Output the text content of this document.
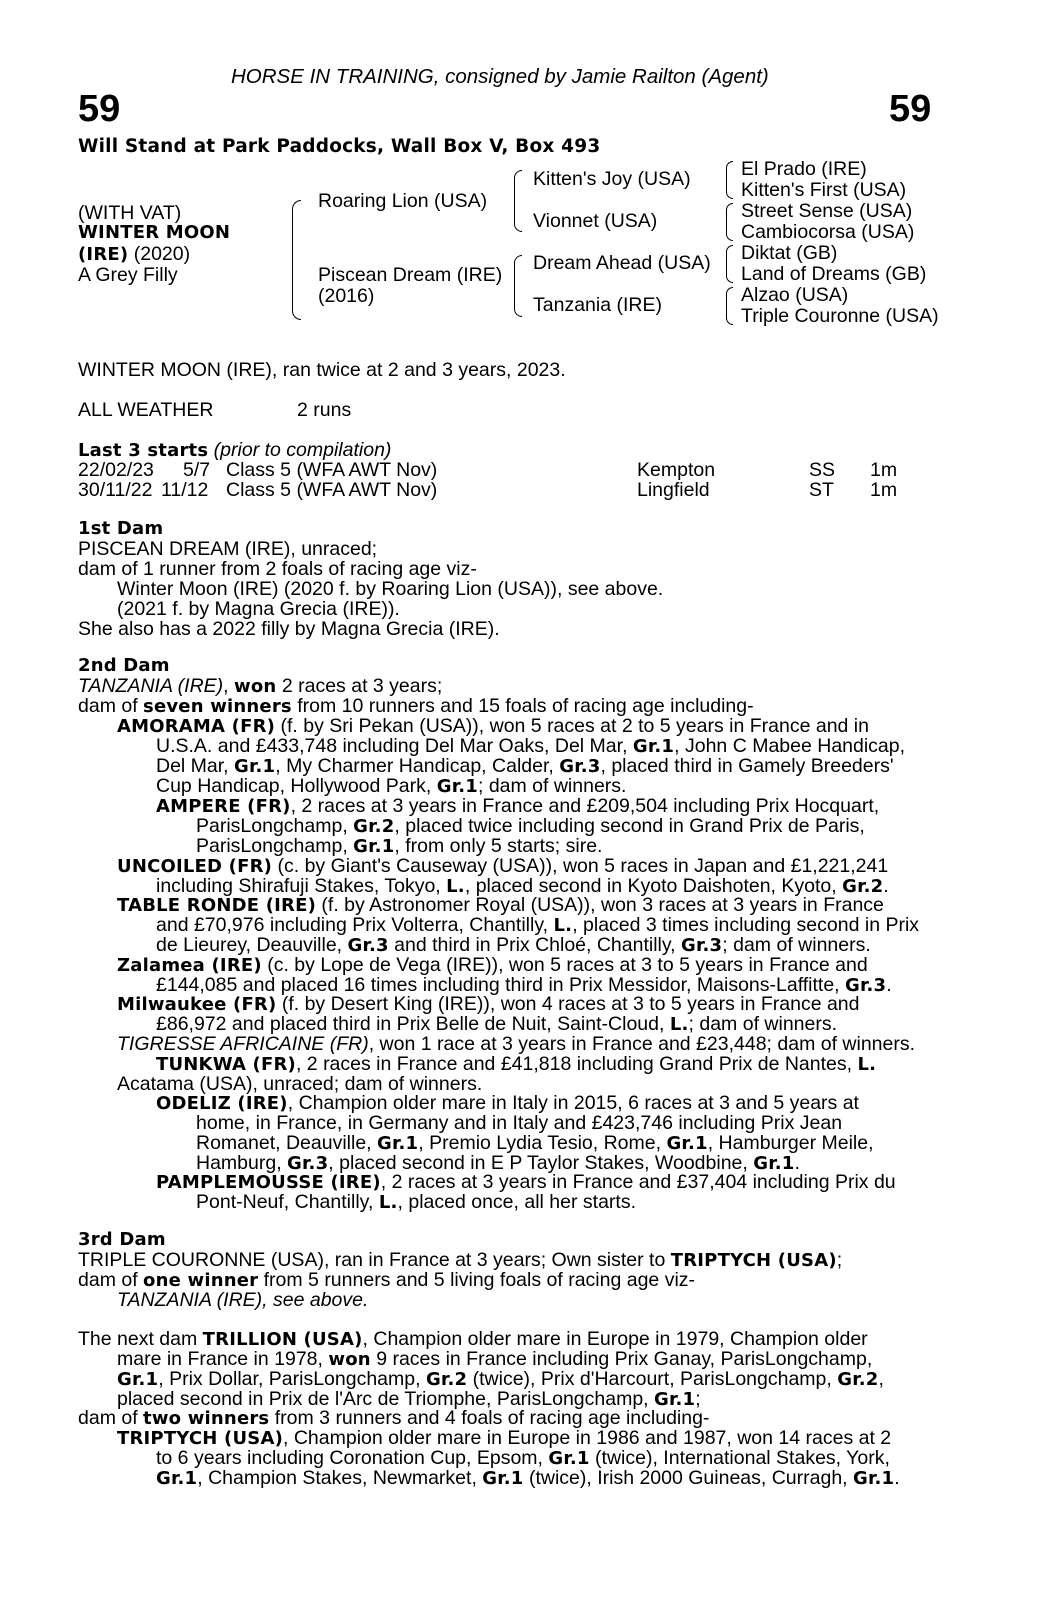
HORSE IN TRAINING, consigned by Jamie Railton (Agent)
59	59
Will Stand at Park Paddocks, Wall Box V, Box 493
(WITH VAT)
WINTER MOON
(IRE) (2020)
A Grey Filly
Roaring Lion (USA)
Piscean Dream (IRE)
(2016)
Kitten's Joy (USA)
Vionnet (USA)
Dream Ahead (USA)
Tanzania (IRE)
El Prado (IRE)
Kitten's First (USA)
Street Sense (USA)
Cambiocorsa (USA)
Diktat (GB)
Land of Dreams (GB)
Alzao (USA)
Triple Couronne (USA)
WINTER MOON (IRE), ran twice at 2 and 3 years, 2023.
ALL WEATHER	2 runs
Last 3 starts (prior to compilation)
22/02/23 5/7 Class 5 (WFA AWT Nov)	Kempton	SS 1m
30/11/22 11/12 Class 5 (WFA AWT Nov)	Lingfield	ST 1m
1st Dam
PISCEAN DREAM (IRE), unraced;
dam of 1 runner from 2 foals of racing age viz-
Winter Moon (IRE) (2020 f. by Roaring Lion (USA)), see above.
(2021 f. by Magna Grecia (IRE)).
She also has a 2022 filly by Magna Grecia (IRE).
2nd Dam
TANZANIA (IRE), won 2 races at 3 years;
dam of seven winners from 10 runners and 15 foals of racing age including-
AMORAMA (FR) (f. by Sri Pekan (USA)), won 5 races at 2 to 5 years in France and in
U.S.A. and £433,748 including Del Mar Oaks, Del Mar, Gr.1, John C Mabee Handicap,
Del Mar, Gr.1, My Charmer Handicap, Calder, Gr.3, placed third in Gamely Breeders'
Cup Handicap, Hollywood Park, Gr.1; dam of winners.
AMPERE (FR), 2 races at 3 years in France and £209,504 including Prix Hocquart,
ParisLongchamp, Gr.2, placed twice including second in Grand Prix de Paris,
ParisLongchamp, Gr.1, from only 5 starts; sire.
UNCOILED (FR) (c. by Giant's Causeway (USA)), won 5 races in Japan and £1,221,241
including Shirafuji Stakes, Tokyo, L., placed second in Kyoto Daishoten, Kyoto, Gr.2.
TABLE RONDE (IRE) (f. by Astronomer Royal (USA)), won 3 races at 3 years in France
and £70,976 including Prix Volterra, Chantilly, L., placed 3 times including second in Prix
de Lieurey, Deauville, Gr.3 and third in Prix Chloé, Chantilly, Gr.3; dam of winners.
Zalamea (IRE) (c. by Lope de Vega (IRE)), won 5 races at 3 to 5 years in France and
£144,085 and placed 16 times including third in Prix Messidor, Maisons-Laffitte, Gr.3.
Milwaukee (FR) (f. by Desert King (IRE)), won 4 races at 3 to 5 years in France and
£86,972 and placed third in Prix Belle de Nuit, Saint-Cloud, L.; dam of winners.
TIGRESSE AFRICAINE (FR), won 1 race at 3 years in France and £23,448; dam of winners.
TUNKWA (FR), 2 races in France and £41,818 including Grand Prix de Nantes, L.
Acatama (USA), unraced; dam of winners.
ODELIZ (IRE), Champion older mare in Italy in 2015, 6 races at 3 and 5 years at
home, in France, in Germany and in Italy and £423,746 including Prix Jean
Romanet, Deauville, Gr.1, Premio Lydia Tesio, Rome, Gr.1, Hamburger Meile,
Hamburg, Gr.3, placed second in E P Taylor Stakes, Woodbine, Gr.1.
PAMPLEMOUSSE (IRE), 2 races at 3 years in France and £37,404 including Prix du
Pont-Neuf, Chantilly, L., placed once, all her starts.
3rd Dam
TRIPLE COURONNE (USA), ran in France at 3 years; Own sister to TRIPTYCH (USA);
dam of one winner from 5 runners and 5 living foals of racing age viz-
TANZANIA (IRE), see above.
The next dam TRILLION (USA), Champion older mare in Europe in 1979, Champion older
mare in France in 1978, won 9 races in France including Prix Ganay, ParisLongchamp,
Gr.1, Prix Dollar, ParisLongchamp, Gr.2 (twice), Prix d'Harcourt, ParisLongchamp, Gr.2,
placed second in Prix de l'Arc de Triomphe, ParisLongchamp, Gr.1;
dam of two winners from 3 runners and 4 foals of racing age including-
TRIPTYCH (USA), Champion older mare in Europe in 1986 and 1987, won 14 races at 2
to 6 years including Coronation Cup, Epsom, Gr.1 (twice), International Stakes, York,
Gr.1, Champion Stakes, Newmarket, Gr.1 (twice), Irish 2000 Guineas, Curragh, Gr.1.
